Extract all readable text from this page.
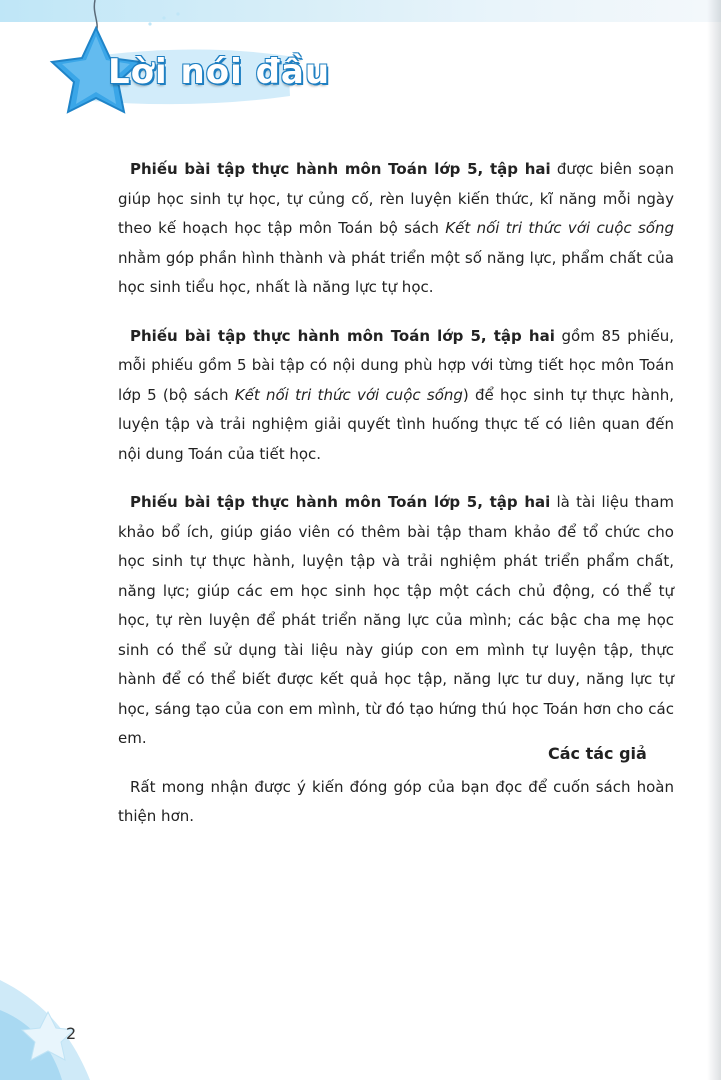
Lời nói đầu

Phiếu bài tập thực hành môn Toán lớp 5, tập hai được biên soạn giúp học sinh tự học, tự củng cố, rèn luyện kiến thức, kĩ năng mỗi ngày theo kế hoạch học tập môn Toán bộ sách Kết nối tri thức với cuộc sống nhằm góp phần hình thành và phát triển một số năng lực, phẩm chất của học sinh tiểu học, nhất là năng lực tự học.

Phiếu bài tập thực hành môn Toán lớp 5, tập hai gồm 85 phiếu, mỗi phiếu gồm 5 bài tập có nội dung phù hợp với từng tiết học môn Toán lớp 5 (bộ sách Kết nối tri thức với cuộc sống) để học sinh tự thực hành, luyện tập và trải nghiệm giải quyết tình huống thực tế có liên quan đến nội dung Toán của tiết học.

Phiếu bài tập thực hành môn Toán lớp 5, tập hai là tài liệu tham khảo bổ ích, giúp giáo viên có thêm bài tập tham khảo để tổ chức cho học sinh tự thực hành, luyện tập và trải nghiệm phát triển phẩm chất, năng lực; giúp các em học sinh học tập một cách chủ động, có thể tự học, tự rèn luyện để phát triển năng lực của mình; các bậc cha mẹ học sinh có thể sử dụng tài liệu này giúp con em mình tự luyện tập, thực hành để có thể biết được kết quả học tập, năng lực tư duy, năng lực tự học, sáng tạo của con em mình, từ đó tạo hứng thú học Toán hơn cho các em.

Rất mong nhận được ý kiến đóng góp của bạn đọc để cuốn sách hoàn thiện hơn.

Các tác giả
2
